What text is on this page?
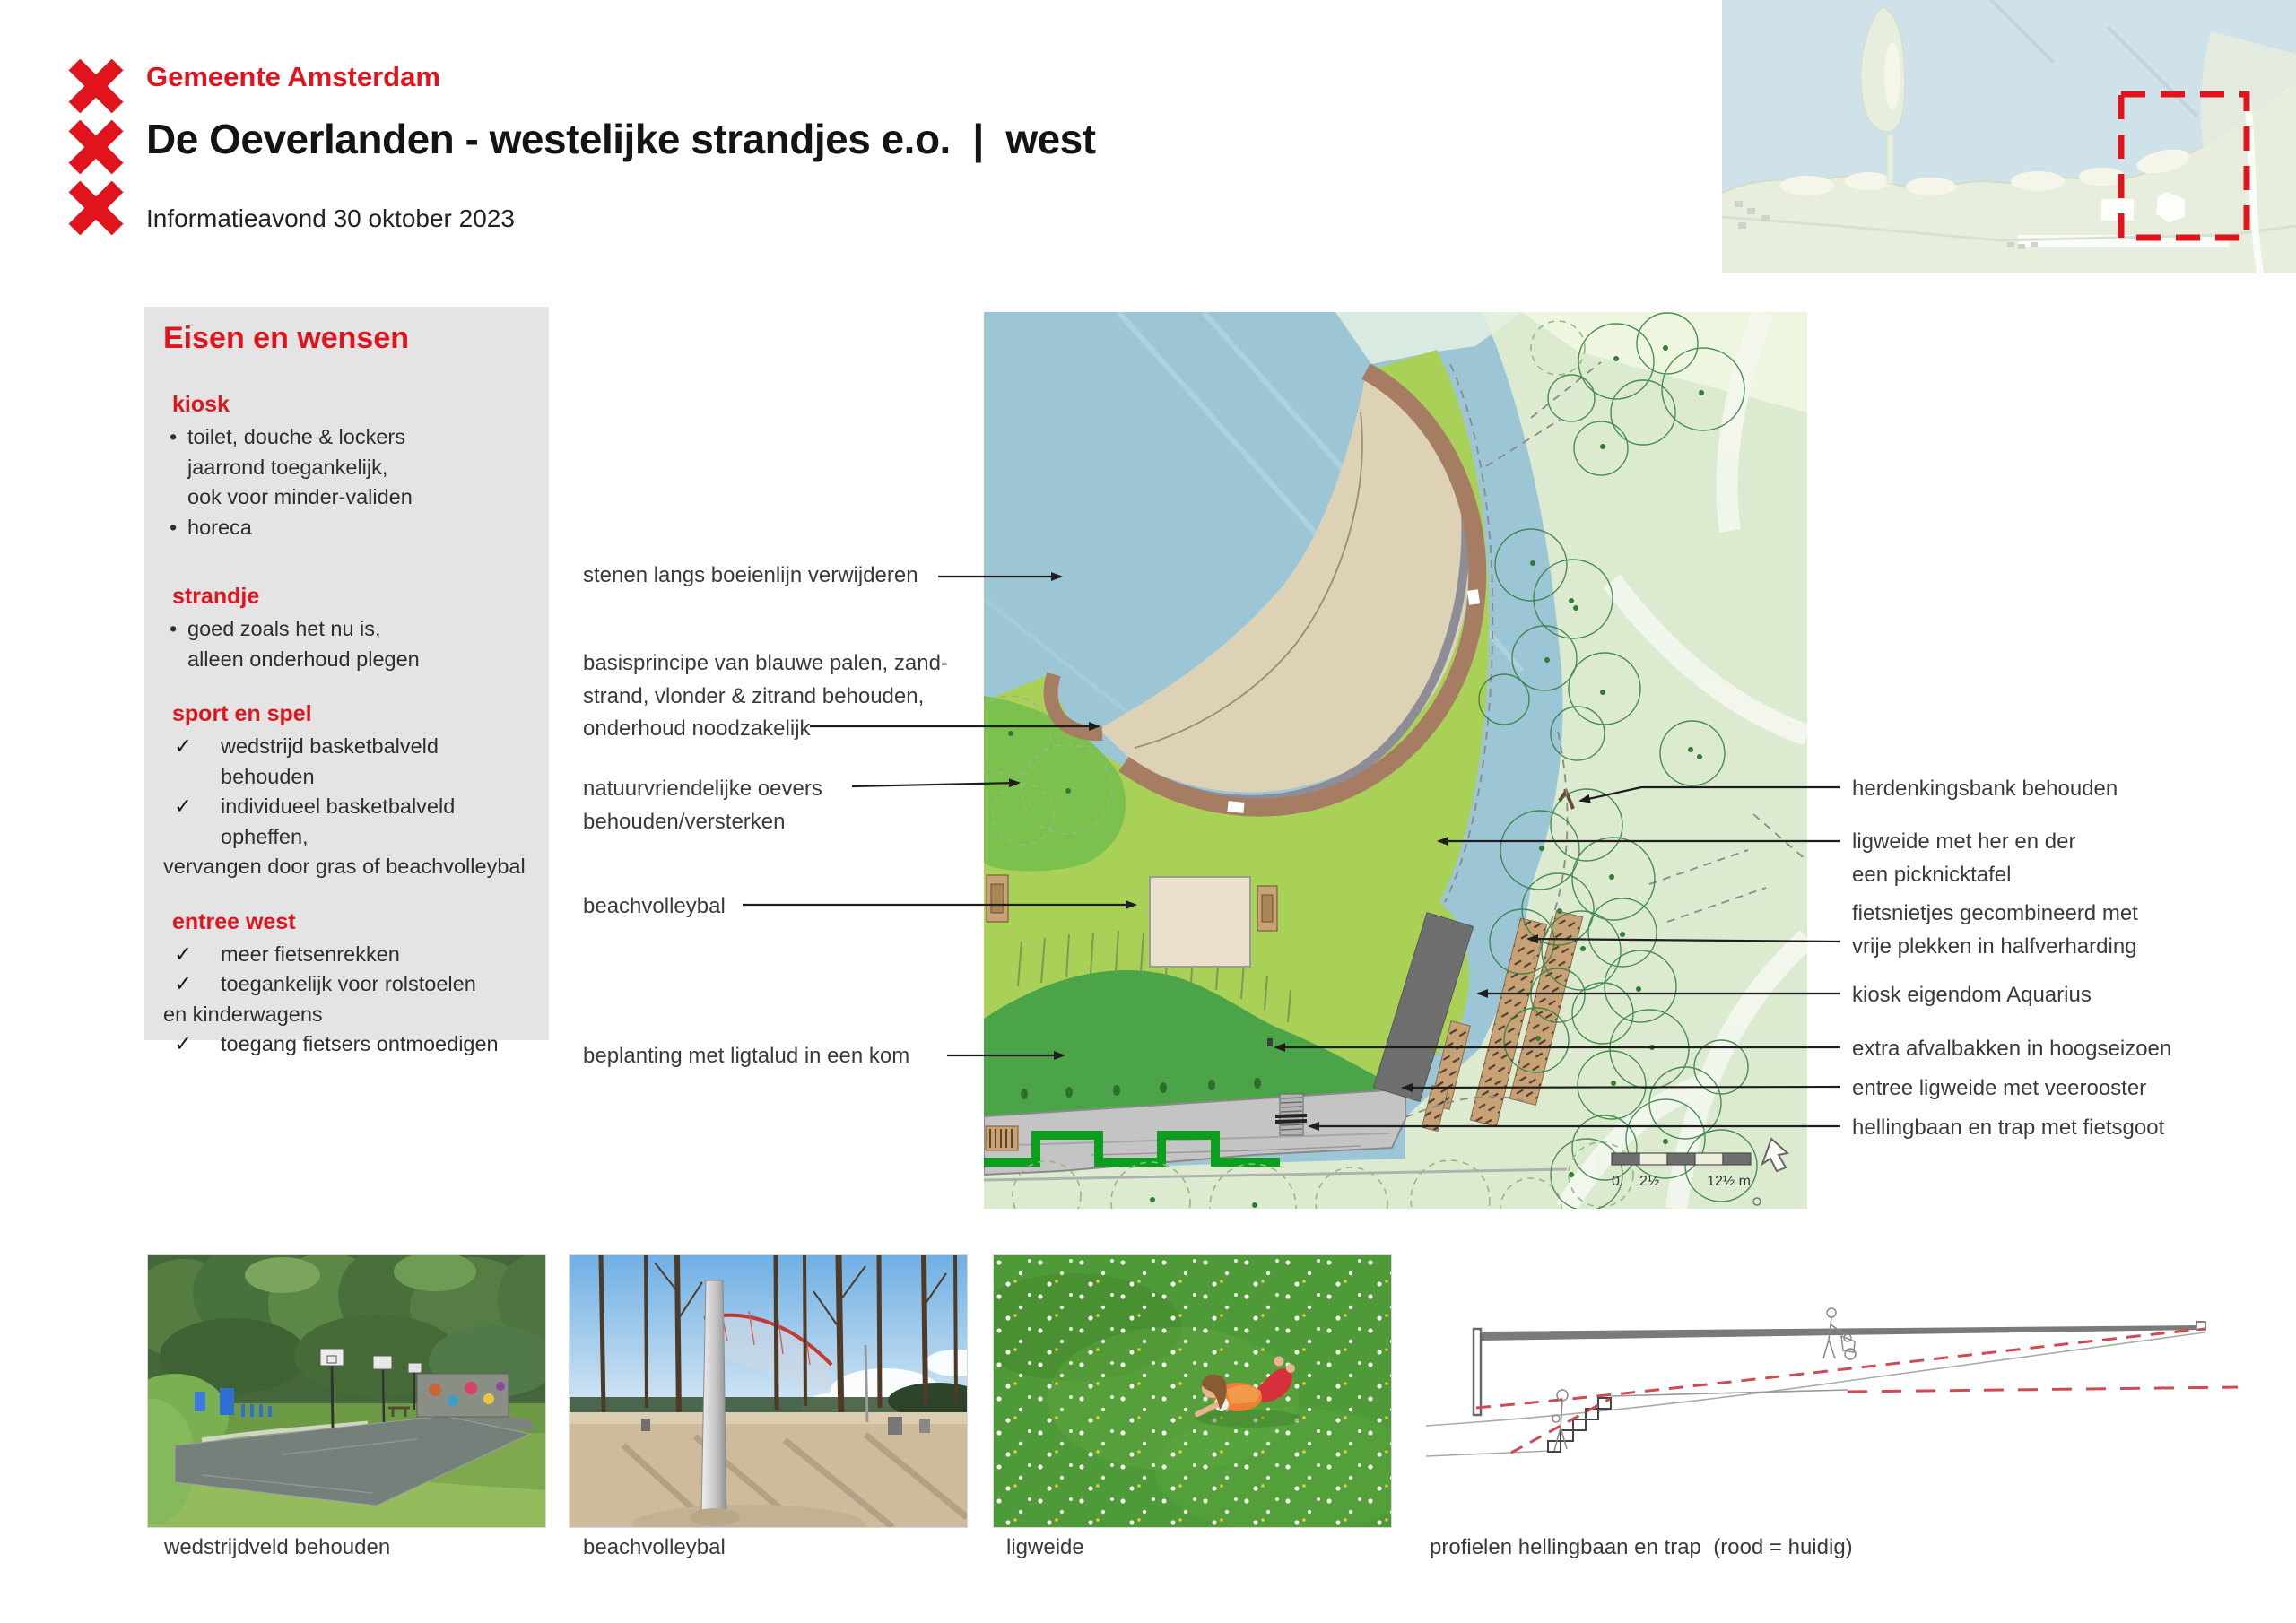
Gemeente Amsterdam
De Oeverlanden - westelijke strandjes e.o.  |  west
Informatieavond 30 oktober 2023
Eisen en wensen
kiosk
• toilet, douche & lockers
jaarrond toegankelijk,
ook voor minder-validen
• horeca
strandje
• goed zoals het nu is,
alleen onderhoud plegen
sport en spel
✓ wedstrijd basketbalveld behouden
✓ individueel basketbalveld opheffen,
vervangen door gras of beachvolleybal
entree west
✓ meer fietsenrekken
✓ toegankelijk voor rolstoelen
en kinderwagens
✓ toegang fietsers ontmoedigen
0 2½	12½ m
stenen langs boeienlijn verwijderen
basisprincipe van blauwe palen, zand-
strand, vlonder & zitrand behouden,
onderhoud noodzakelijk
natuurvriendelijke oevers
behouden/versterken
beachvolleybal
beplanting met ligtalud in een kom
herdenkingsbank behouden
ligweide met her en der
een picknicktafel
fietsnietjes gecombineerd met
vrije plekken in halfverharding
kiosk eigendom Aquarius
extra afvalbakken in hoogseizoen
entree ligweide met veerooster
hellingbaan en trap met fietsgoot
wedstrijdveld behouden	beachvolleybal	ligweide	profielen hellingbaan en trap  (rood = huidig)
